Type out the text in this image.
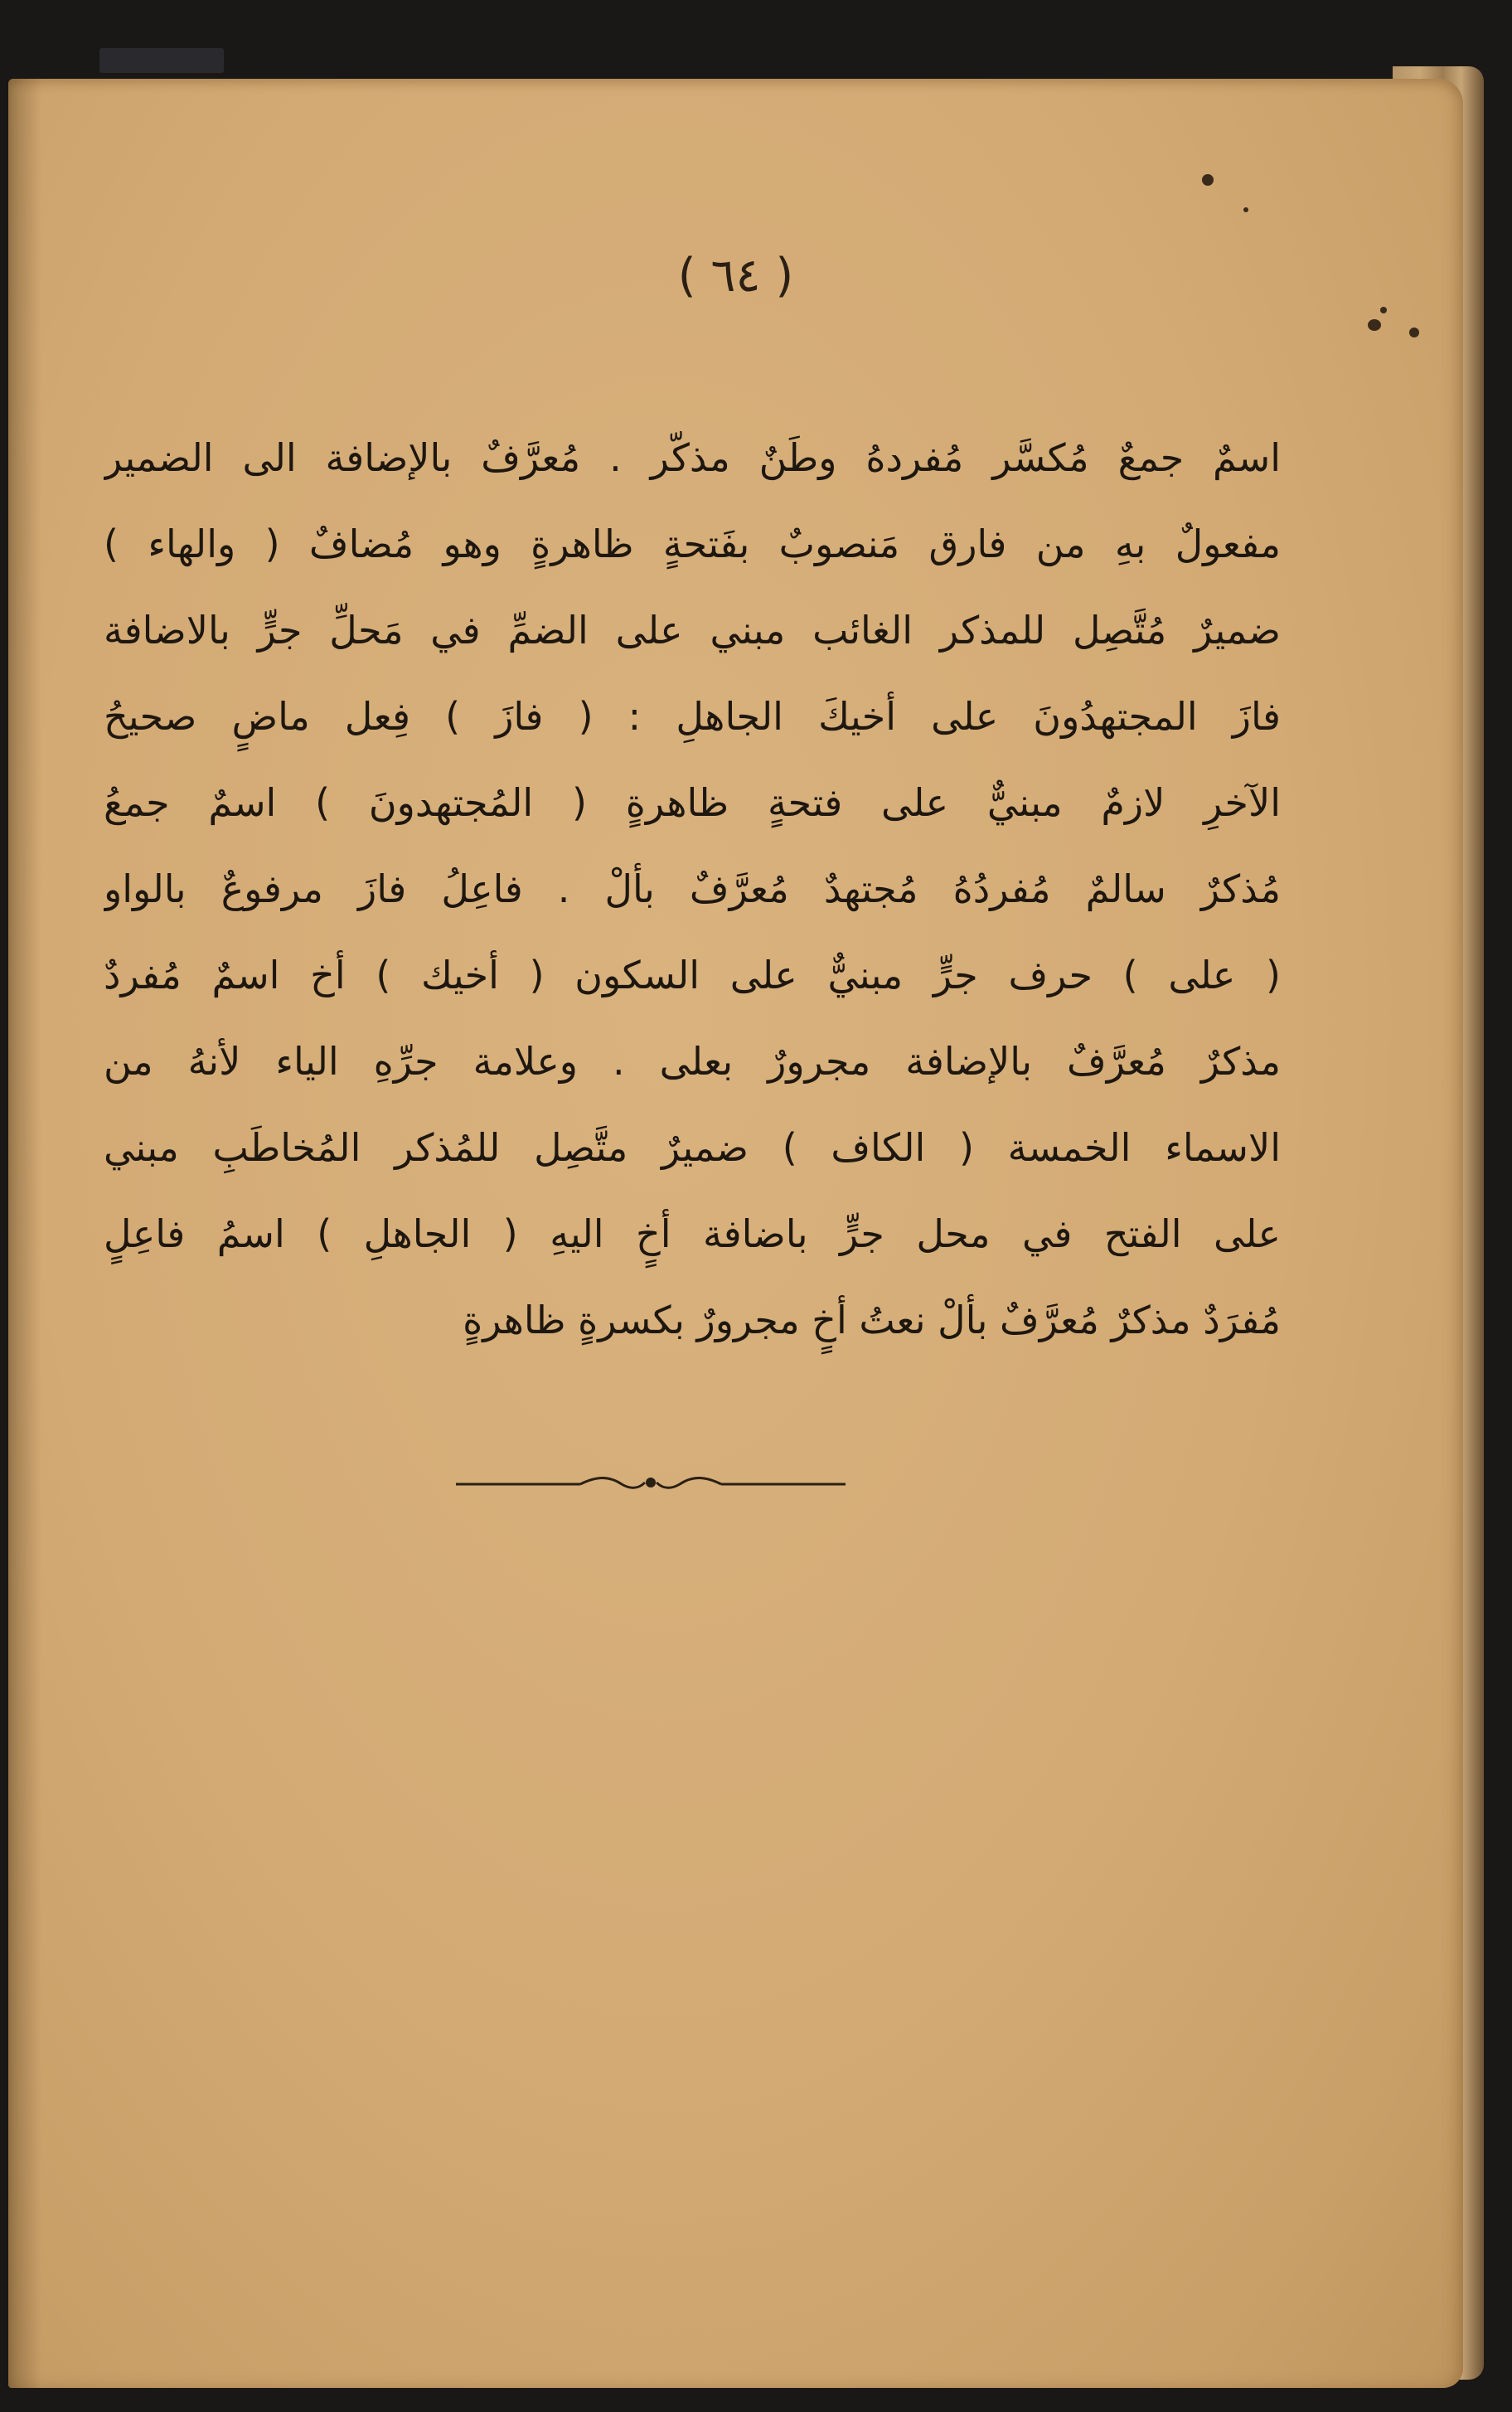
( ٦٤ )
اسمٌ جمعٌ مُكسَّر مُفردهُ وطَنٌ مذكّر . مُعرَّفٌ بالإضافة الى الضمير
مفعولٌ بهِ من فارق مَنصوبٌ بفَتحةٍ ظاهرةٍ وهو مُضافٌ ( والهاء )
ضميرٌ مُتَّصِل للمذكر الغائب مبني على الضمِّ في مَحلِّ جرٍّ بالاضافة
فازَ المجتهدُونَ على أخيكَ الجاهلِ : ( فازَ ) فِعل ماضٍ صحيحُ
الآخرِ لازمٌ مبنيٌّ على فتحةٍ ظاهرةٍ ( المُجتهدونَ ) اسمٌ جمعُ
مُذكرٌ سالمٌ مُفردُهُ مُجتهدٌ مُعرَّفٌ بألْ . فاعِلُ فازَ مرفوعٌ بالواو
( على ) حرف جرٍّ مبنيٌّ على السكون ( أخيك ) أخ اسمٌ مُفردٌ
مذكرٌ مُعرَّفٌ بالإضافة مجرورٌ بعلى . وعلامة جرِّهِ الياء لأنهُ من
الاسماء الخمسة ( الكاف ) ضميرٌ متَّصِل للمُذكر المُخاطَبِ مبني
على الفتح في محل جرٍّ باضافة أخٍ اليهِ ( الجاهلِ ) اسمُ فاعِلٍ
مُفرَدٌ مذكرٌ مُعرَّفٌ بألْ نعتُ أخٍ مجرورٌ بكسرةٍ ظاهرةٍ
